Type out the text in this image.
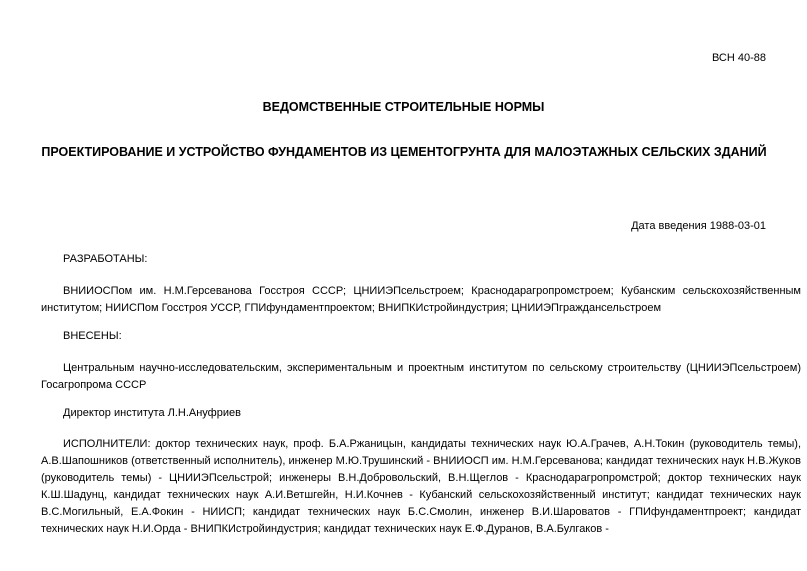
ВСН 40-88
ВЕДОМСТВЕННЫЕ СТРОИТЕЛЬНЫЕ НОРМЫ
ПРОЕКТИРОВАНИЕ И УСТРОЙСТВО ФУНДАМЕНТОВ ИЗ ЦЕМЕНТОГРУНТА ДЛЯ МАЛОЭТАЖНЫХ СЕЛЬСКИХ ЗДАНИЙ
Дата введения 1988-03-01
РАЗРАБОТАНЫ:
ВНИИОСПом им. Н.М.Герсеванова Госстроя СССР; ЦНИИЭПсельстроем; Краснодарагропромстроем; Кубанским сельскохозяйственным институтом; НИИСПом Госстроя УССР, ГПИфундаментпроектом; ВНИПКИстройиндустрия; ЦНИИЭПграждансельстроем
ВНЕСЕНЫ:
Центральным научно-исследовательским, экспериментальным и проектным институтом по сельскому строительству (ЦНИИЭПсельстроем) Госагропрома СССР
Директор института Л.Н.Ануфриев
ИСПОЛНИТЕЛИ: доктор технических наук, проф. Б.А.Ржаницын, кандидаты технических наук Ю.А.Грачев, А.Н.Токин (руководитель темы), А.В.Шапошников (ответственный исполнитель), инженер М.Ю.Трушинский - ВНИИОСП им. Н.М.Герсеванова; кандидат технических наук Н.В.Жуков (руководитель темы) - ЦНИИЭПсельстрой; инженеры В.Н.Добровольский, В.Н.Щеглов - Краснодарагропромстрой; доктор технических наук К.Ш.Шадунц, кандидат технических наук А.И.Ветшгейн, Н.И.Кочнев - Кубанский сельскохозяйственный институт; кандидат технических наук В.С.Могильный, Е.А.Фокин - НИИСП; кандидат технических наук Б.С.Смолин, инженер В.И.Шароватов - ГПИфундаментпроект; кандидат технических наук Н.И.Орда - ВНИПКИстройиндустрия; кандидат технических наук Е.Ф.Дуранов, В.А.Булгаков -
